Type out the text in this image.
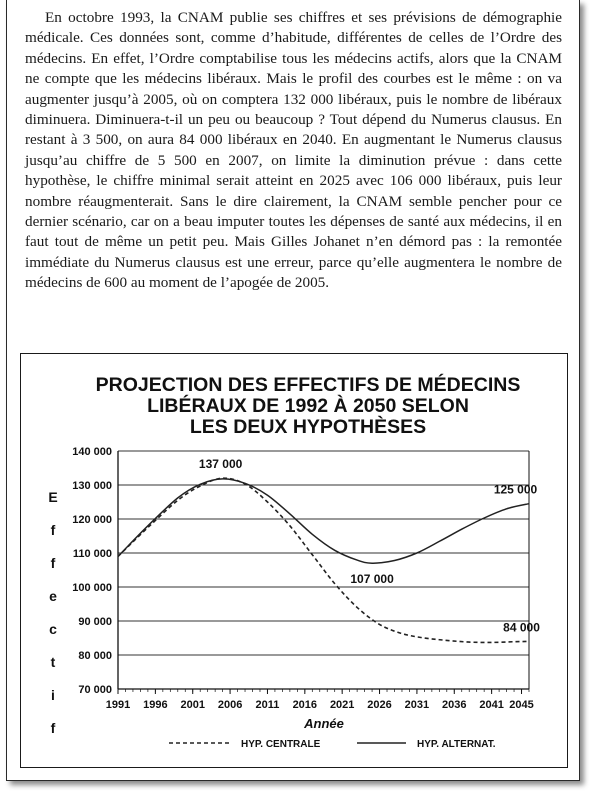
En octobre 1993, la CNAM publie ses chiffres et ses prévisions de démographie médicale. Ces données sont, comme d’habitude, différentes de celles de l’Ordre des médecins. En effet, l’Ordre comptabilise tous les médecins actifs, alors que la CNAM ne compte que les médecins libéraux. Mais le profil des courbes est le même : on va augmenter jusqu’à 2005, où on comptera 132 000 libéraux, puis le nombre de libéraux diminuera. Diminuera-t-il un peu ou beaucoup ? Tout dépend du Numerus clausus. En restant à 3 500, on aura 84 000 libéraux en 2040. En augmentant le Numerus clausus jusqu’au chiffre de 5 500 en 2007, on limite la diminution prévue : dans cette hypothèse, le chiffre minimal serait atteint en 2025 avec 106 000 libéraux, puis leur nombre réaugmenterait. Sans le dire clairement, la CNAM semble pencher pour ce dernier scénario, car on a beau imputer toutes les dépenses de santé aux médecins, il en faut tout de même un petit peu. Mais Gilles Johanet n’en démord pas : la remontée immédiate du Numerus clausus est une erreur, parce qu’elle augmentera le nombre de médecins de 600 au moment de l’apogée de 2005.

PROJECTION DES EFFECTIFS DE MÉDECINS
LIBÉRAUX DE 1992 À 2050 SELON
LES DEUX HYPOTHÈSES
70 000
80 000
90 000
100 000
110 000
120 000
130 000
140 000
1991 1996 2001 2006 2011 2016 2021 2026 2031 2036 2041 2045
Année
E
f
f
e
c
t
i
f
137 000
107 000
125 000
84 000
HYP. CENTRALE	HYP. ALTERNAT.
